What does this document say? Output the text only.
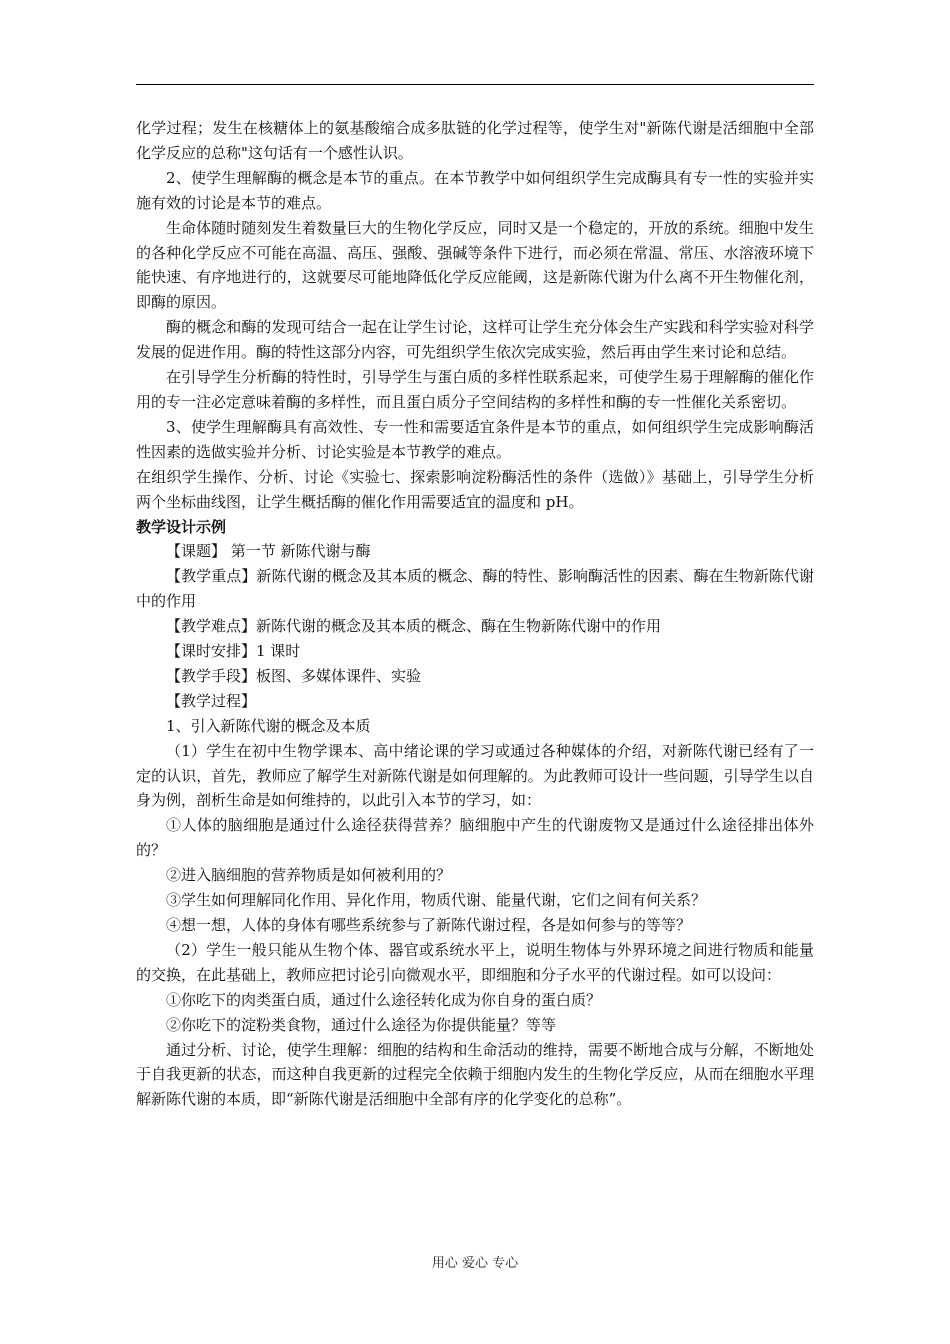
化学过程；发生在核糖体上的氨基酸缩合成多肽链的化学过程等，使学生对"新陈代谢是活细胞中全部化学反应的总称"这句话有一个感性认识。

2、使学生理解酶的概念是本节的重点。在本节教学中如何组织学生完成酶具有专一性的实验并实施有效的讨论是本节的难点。

生命体随时随刻发生着数量巨大的生物化学反应，同时又是一个稳定的，开放的系统。细胞中发生的各种化学反应不可能在高温、高压、强酸、强碱等条件下进行，而必须在常温、常压、水溶液环境下能快速、有序地进行的，这就要尽可能地降低化学反应能阈，这是新陈代谢为什么离不开生物催化剂，即酶的原因。

酶的概念和酶的发现可结合一起在让学生讨论，这样可让学生充分体会生产实践和科学实验对科学发展的促进作用。酶的特性这部分内容，可先组织学生依次完成实验，然后再由学生来讨论和总结。

在引导学生分析酶的特性时，引导学生与蛋白质的多样性联系起来，可使学生易于理解酶的催化作用的专一注必定意味着酶的多样性，而且蛋白质分子空间结构的多样性和酶的专一性催化关系密切。

3、使学生理解酶具有高效性、专一性和需要适宜条件是本节的重点，如何组织学生完成影响酶活性因素的选做实验并分析、讨论实验是本节教学的难点。

在组织学生操作、分析、讨论《实验七、探索影响淀粉酶活性的条件（选做）》基础上，引导学生分析两个坐标曲线图，让学生概括酶的催化作用需要适宜的温度和 pH。

教学设计示例

【课题】 第一节 新陈代谢与酶

【教学重点】新陈代谢的概念及其本质的概念、酶的特性、影响酶活性的因素、酶在生物新陈代谢中的作用

【教学难点】新陈代谢的概念及其本质的概念、酶在生物新陈代谢中的作用

【课时安排】1 课时

【教学手段】板图、多媒体课件、实验

【教学过程】

1、引入新陈代谢的概念及本质

（1）学生在初中生物学课本、高中绪论课的学习或通过各种媒体的介绍，对新陈代谢已经有了一定的认识，首先，教师应了解学生对新陈代谢是如何理解的。为此教师可设计一些问题，引导学生以自身为例，剖析生命是如何维持的，以此引入本节的学习，如：

①人体的脑细胞是通过什么途径获得营养？脑细胞中产生的代谢废物又是通过什么途径排出体外的？

②进入脑细胞的营养物质是如何被利用的？

③学生如何理解同化作用、异化作用，物质代谢、能量代谢，它们之间有何关系？

④想一想，人体的身体有哪些系统参与了新陈代谢过程，各是如何参与的等等？

（2）学生一般只能从生物个体、器官或系统水平上，说明生物体与外界环境之间进行物质和能量的交换，在此基础上，教师应把讨论引向微观水平，即细胞和分子水平的代谢过程。如可以设问：

①你吃下的肉类蛋白质，通过什么途径转化成为你自身的蛋白质？

②你吃下的淀粉类食物，通过什么途径为你提供能量？等等

通过分析、讨论，使学生理解：细胞的结构和生命活动的维持，需要不断地合成与分解，不断地处于自我更新的状态，而这种自我更新的过程完全依赖于细胞内发生的生物化学反应，从而在细胞水平理解新陈代谢的本质，即“新陈代谢是活细胞中全部有序的化学变化的总称”。

用心 爱心 专心
